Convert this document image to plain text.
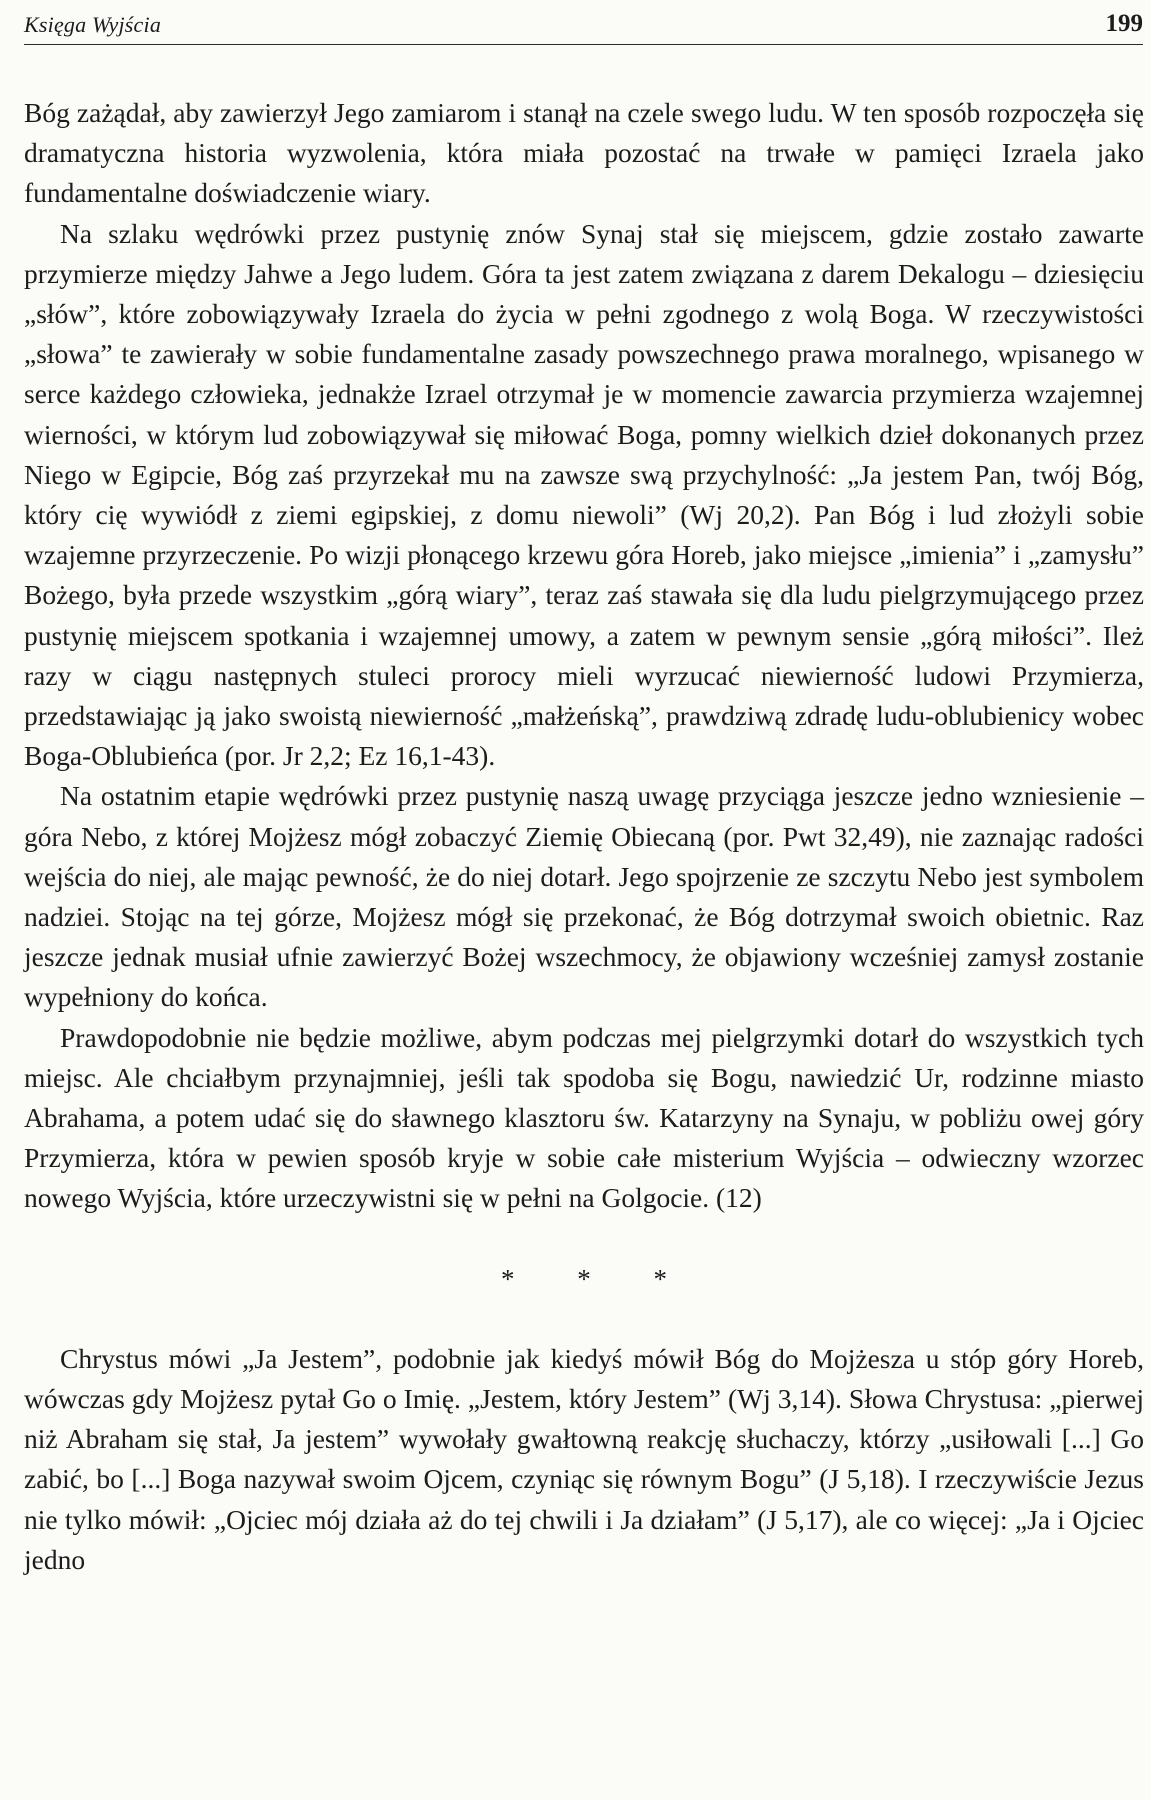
Księga Wyjścia	199

Bóg zażądał, aby zawierzył Jego zamiarom i stanął na czele swego ludu. W ten sposób rozpoczęła się dramatyczna historia wyzwolenia, która miała pozostać na trwałe w pamięci Izraela jako fundamentalne doświadczenie wiary.

Na szlaku wędrówki przez pustynię znów Synaj stał się miejscem, gdzie zostało zawarte przymierze między Jahwe a Jego ludem. Góra ta jest zatem związana z darem Dekalogu – dziesięciu „słów”, które zobowiązywały Izraela do życia w pełni zgodnego z wolą Boga. W rzeczywistości „słowa” te zawierały w sobie fundamentalne zasady powszechnego prawa moralnego, wpisanego w serce każdego człowieka, jednakże Izrael otrzymał je w momencie zawarcia przymierza wzajemnej wierności, w którym lud zobowiązywał się miłować Boga, pomny wielkich dzieł dokonanych przez Niego w Egipcie, Bóg zaś przyrzekał mu na zawsze swą przychylność: „Ja jestem Pan, twój Bóg, który cię wywiódł z ziemi egipskiej, z domu niewoli” (Wj 20,2). Pan Bóg i lud złożyli sobie wzajemne przyrzeczenie. Po wizji płonącego krzewu góra Horeb, jako miejsce „imienia” i „zamysłu” Bożego, była przede wszystkim „górą wiary”, teraz zaś stawała się dla ludu pielgrzymującego przez pustynię miejscem spotkania i wzajemnej umowy, a zatem w pewnym sensie „górą miłości”. Ileż razy w ciągu następnych stuleci prorocy mieli wyrzucać niewierność ludowi Przymierza, przedstawiając ją jako swoistą niewierność „małżeńską”, prawdziwą zdradę ludu-oblubienicy wobec Boga-Oblubieńca (por. Jr 2,2; Ez 16,1-43).

Na ostatnim etapie wędrówki przez pustynię naszą uwagę przyciąga jeszcze jedno wzniesienie – góra Nebo, z której Mojżesz mógł zobaczyć Ziemię Obiecaną (por. Pwt 32,49), nie zaznając radości wejścia do niej, ale mając pewność, że do niej dotarł. Jego spojrzenie ze szczytu Nebo jest symbolem nadziei. Stojąc na tej górze, Mojżesz mógł się przekonać, że Bóg dotrzymał swoich obietnic. Raz jeszcze jednak musiał ufnie zawierzyć Bożej wszechmocy, że objawiony wcześniej zamysł zostanie wypełniony do końca.

Prawdopodobnie nie będzie możliwe, abym podczas mej pielgrzymki dotarł do wszystkich tych miejsc. Ale chciałbym przynajmniej, jeśli tak spodoba się Bogu, nawiedzić Ur, rodzinne miasto Abrahama, a potem udać się do sławnego klasztoru św. Katarzyny na Synaju, w pobliżu owej góry Przymierza, która w pewien sposób kryje w sobie całe misterium Wyjścia – odwieczny wzorzec nowego Wyjścia, które urzeczywistni się w pełni na Golgocie. (12)

* * *

Chrystus mówi „Ja Jestem”, podobnie jak kiedyś mówił Bóg do Mojżesza u stóp góry Horeb, wówczas gdy Mojżesz pytał Go o Imię. „Jestem, który Jestem” (Wj 3,14). Słowa Chrystusa: „pierwej niż Abraham się stał, Ja jestem” wywołały gwałtowną reakcję słuchaczy, którzy „usiłowali [...] Go zabić, bo [...] Boga nazywał swoim Ojcem, czyniąc się równym Bogu” (J 5,18). I rzeczywiście Jezus nie tylko mówił: „Ojciec mój działa aż do tej chwili i Ja działam” (J 5,17), ale co więcej: „Ja i Ojciec jedno
